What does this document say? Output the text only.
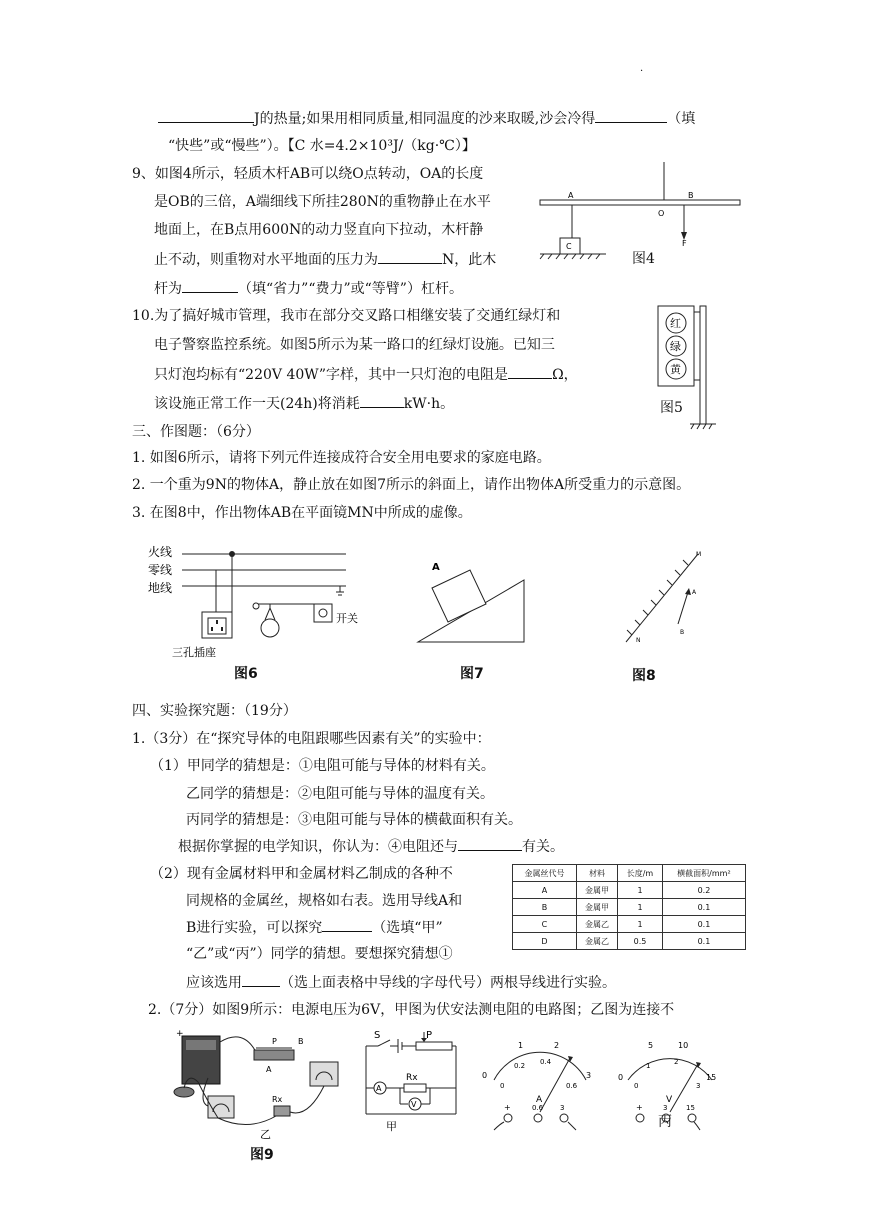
·
J的热量;如果用相同质量,相同温度的沙来取暖,沙会冷得	（填
“快些”或“慢些”）。【C 水=4.2×10³J/（kg·℃）】
9、如图4所示，轻质木杆AB可以绕O点转动，OA的长度
是OB的三倍，A端细线下所挂280N的重物静止在水平
地面上，在B点用600N的动力竖直向下拉动，木杆静
止不动，则重物对水平地面的压力为	N，此木
杆为	（填“省力”“费力”或“等臂”）杠杆。
A
O
B
F
C
图4
10.为了搞好城市管理，我市在部分交叉路口相继安装了交通红绿灯和
电子警察监控系统。如图5所示为某一路口的红绿灯设施。已知三
只灯泡均标有“220V 40W”字样，其中一只灯泡的电阻是	Ω，
该设施正常工作一天(24h)将消耗	kW·h。
红
绿
黄
图5
三、作图题：（6分）
1. 如图6所示，请将下列元件连接成符合安全用电要求的家庭电路。
2. 一个重为9N的物体A，静止放在如图7所示的斜面上，请作出物体A所受重力的示意图。
3. 在图8中，作出物体AB在平面镜MN中所成的虚像。
火线
零线
地线
开关
三孔插座
图6
A
图7
M
N
A
B
图8
四、实验探究题：（19分）
1.（3分）在“探究导体的电阻跟哪些因素有关”的实验中：
（1）甲同学的猜想是：①电阻可能与导体的材料有关。
乙同学的猜想是：②电阻可能与导体的温度有关。
丙同学的猜想是：③电阻可能与导体的横截面积有关。
根据你掌握的电学知识，你认为：④电阻还与	有关。
（2）现有金属材料甲和金属材料乙制成的各种不
同规格的金属丝，规格如右表。选用导线A和
B进行实验，可以探究	（选填“甲”
“乙”或“丙”）同学的猜想。要想探究猜想①
应该选用	（选上面表格中导线的字母代号）两根导线进行实验。
金属丝代号	材料	长度/m	横截面积/mm²
A	金属甲	1	0.2
B	金属甲	1	0.1
C	金属乙	1	0.1
D	金属乙	0.5	0.1
2.（7分）如图9所示：电源电压为6V，甲图为伏安法测电阻的电路图；乙图为连接不
+
P	B
A
Rx
乙
图9
S	P
A
Rx
V
甲
0
1	2
3
0
0.2 0.4
0.6
A
+	0.6 3
0
5	10
15
0
1	2
3
V
+	3	15
丙
